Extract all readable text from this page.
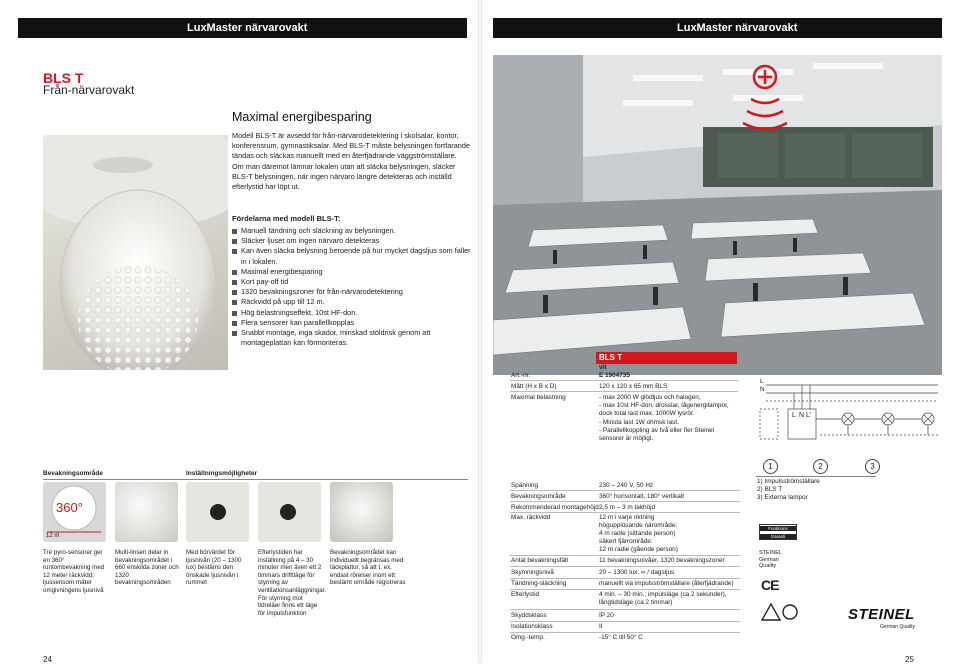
LuxMaster närvarovakt	LuxMaster närvarovakt
BLS T
Från-närvarovakt
Maximal energibesparing
Modell BLS-T är avsedd för från-närvarodetektering i skolsalar, kontor, konferensrum, gymnastiksalar. Med BLS-T måste belysningen fortfarande tändas och släckas manuellt med en återfjädrande väggströmställare. Om man däremot lämnar lokalen utan att släcka belysningen, släcker BLS-T belysningen, när ingen närvaro längre detekteras och inställd efterlystid har löpt ut.
Fördelarna med modell BLS-T:
Manuell tändning och släckning av belysningen.
Släcker ljuset om ingen närvaro detekteras
Kan även släcka belysning beroende på hur mycket dagsljus som faller in i lokalen.
Maximal energibesparing
Kort pay-off tid
1320 bevakningszoner för från-närvarodetektering
Räckvidd på upp till 12 m.
Hög belastningseffekt, 10st HF-don.
Flera sensorer kan parallellkopplas
Snabbt montage, inga skador, minskad stöldrisk genom att montageplattan kan förmonteras.
BLS T
vit
Art.-nr.	E 1904735
Mått (H x B x D)	120 x 120 x 65 mm BLS
Maximal belastning	- max 2000 W glödljus och halogen,
- max 10st HF-don, drosslar, lågenergilampor, dock total last max. 1000W lysrör.
- Minsta last 1W ohmsk last.
- Parallellkoppling av två eller fler Steinel sensorer är möjligt.
L
N
L N L'
1	2	3
1) Impulsströmställare
2) BLS T
3) Externa lampor
Funktions
Garanti
STEINEL
German
Quality
CE
STEINEL
German Quality
Bevakningsområde	Inställningsmöjligheter
360°
12 m
Tre pyro-sensorer ger en 360° runtombevakning med 12 meter räckvidd; ljussensorn mäter omgivningens ljusnivå
Multi-linsen delar in bevakningsområdet i 660 enskilda zoner och 1320 bevakningsområden
Med börvärdet för ljusnivån (20 – 1300 lux) bestäms den önskade ljusnivån i rummet
Efterlystiden har inställning på 4 – 30 minuter men även ett 2 timmars drifttläge för styrning av ventilationsanläggningar. För styrning mot tidreläer finns ett läge för impulsfunktion
Bevakningsområdet kan individuellt begränsas med täckplattor, så att t. ex. endast rörelser inom ett bestämt område registreras
Spänning	230 – 240 V, 50 Hz
Bevakningsområde	360° horisontalt, 180° vertikalt
Rekommenderad montagehöjd 2,5 m – 3 m takhöjd
Max. räckvidd	12 m i varje riktning
högupplösande närområde:
4 m radie (sittande person)
säkert fjärrområde:
12 m radie (gående person)
Antal bevakningsfält	11 bevakningsnivåer, 1320 bevakningszoner
Skymningsnivå	20 – 1300 lux, ∞ / dagsljus
Tändning-släckning	manuellt via impulsströmställare (återfjädrande)
Efterlystid	4 min. – 30 min.; impulsläge (ca 2 sekunder),
långtidsläge (ca 2 timmar)
Skyddsklass	IP 20
Isolationsklass	II
Omg.-temp.	-15° C till 50° C
24	25
